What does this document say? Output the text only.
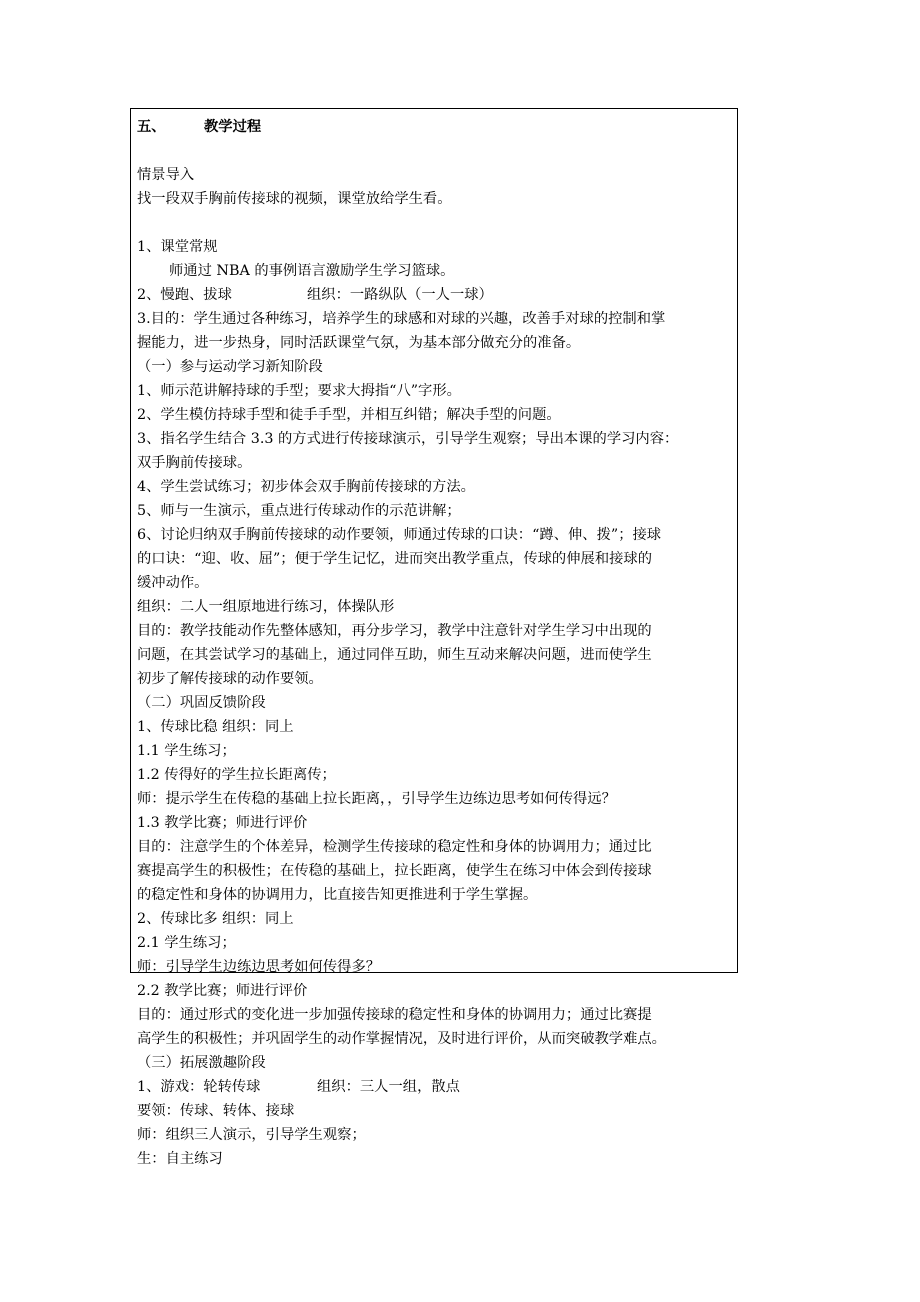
五、	教学过程
情景导入
找一段双手胸前传接球的视频，课堂放给学生看。
1、课堂常规
师通过 NBA 的事例语言激励学生学习篮球。
2、慢跑、拔球	组织：一路纵队（一人一球）
3.目的：学生通过各种练习，培养学生的球感和对球的兴趣，改善手对球的控制和掌
握能力，进一步热身，同时活跃课堂气氛，为基本部分做充分的准备。
（一）参与运动学习新知阶段
1、师示范讲解持球的手型；要求大拇指“八”字形。
2、学生模仿持球手型和徒手手型，并相互纠错；解决手型的问题。
3、指名学生结合 3.3 的方式进行传接球演示，引导学生观察；导出本课的学习内容：
双手胸前传接球。
4、学生尝试练习；初步体会双手胸前传接球的方法。
5、师与一生演示，重点进行传球动作的示范讲解；
6、讨论归纳双手胸前传接球的动作要领，师通过传球的口诀：“蹲、伸、拨”；接球
的口诀：“迎、收、屈”；便于学生记忆，进而突出教学重点，传球的伸展和接球的
缓冲动作。
组织：二人一组原地进行练习，体操队形
目的：教学技能动作先整体感知，再分步学习，教学中注意针对学生学习中出现的
问题，在其尝试学习的基础上，通过同伴互助，师生互动来解决问题，进而使学生
初步了解传接球的动作要领。
（二）巩固反馈阶段
1、传球比稳 组织：同上
1.1 学生练习；
1.2 传得好的学生拉长距离传；
师：提示学生在传稳的基础上拉长距离，，引导学生边练边思考如何传得远？
1.3 教学比赛；师进行评价
目的：注意学生的个体差异，检测学生传接球的稳定性和身体的协调用力；通过比
赛提高学生的积极性；在传稳的基础上，拉长距离，使学生在练习中体会到传接球
的稳定性和身体的协调用力，比直接告知更推进利于学生掌握。
2、传球比多 组织：同上
2.1 学生练习；
师：引导学生边练边思考如何传得多？
2.2 教学比赛；师进行评价
目的：通过形式的变化进一步加强传接球的稳定性和身体的协调用力；通过比赛提
高学生的积极性；并巩固学生的动作掌握情况，及时进行评价，从而突破教学难点。
（三）拓展激趣阶段
1、游戏：轮转传球	组织：三人一组，散点
要领：传球、转体、接球
师：组织三人演示，引导学生观察；
生：自主练习
